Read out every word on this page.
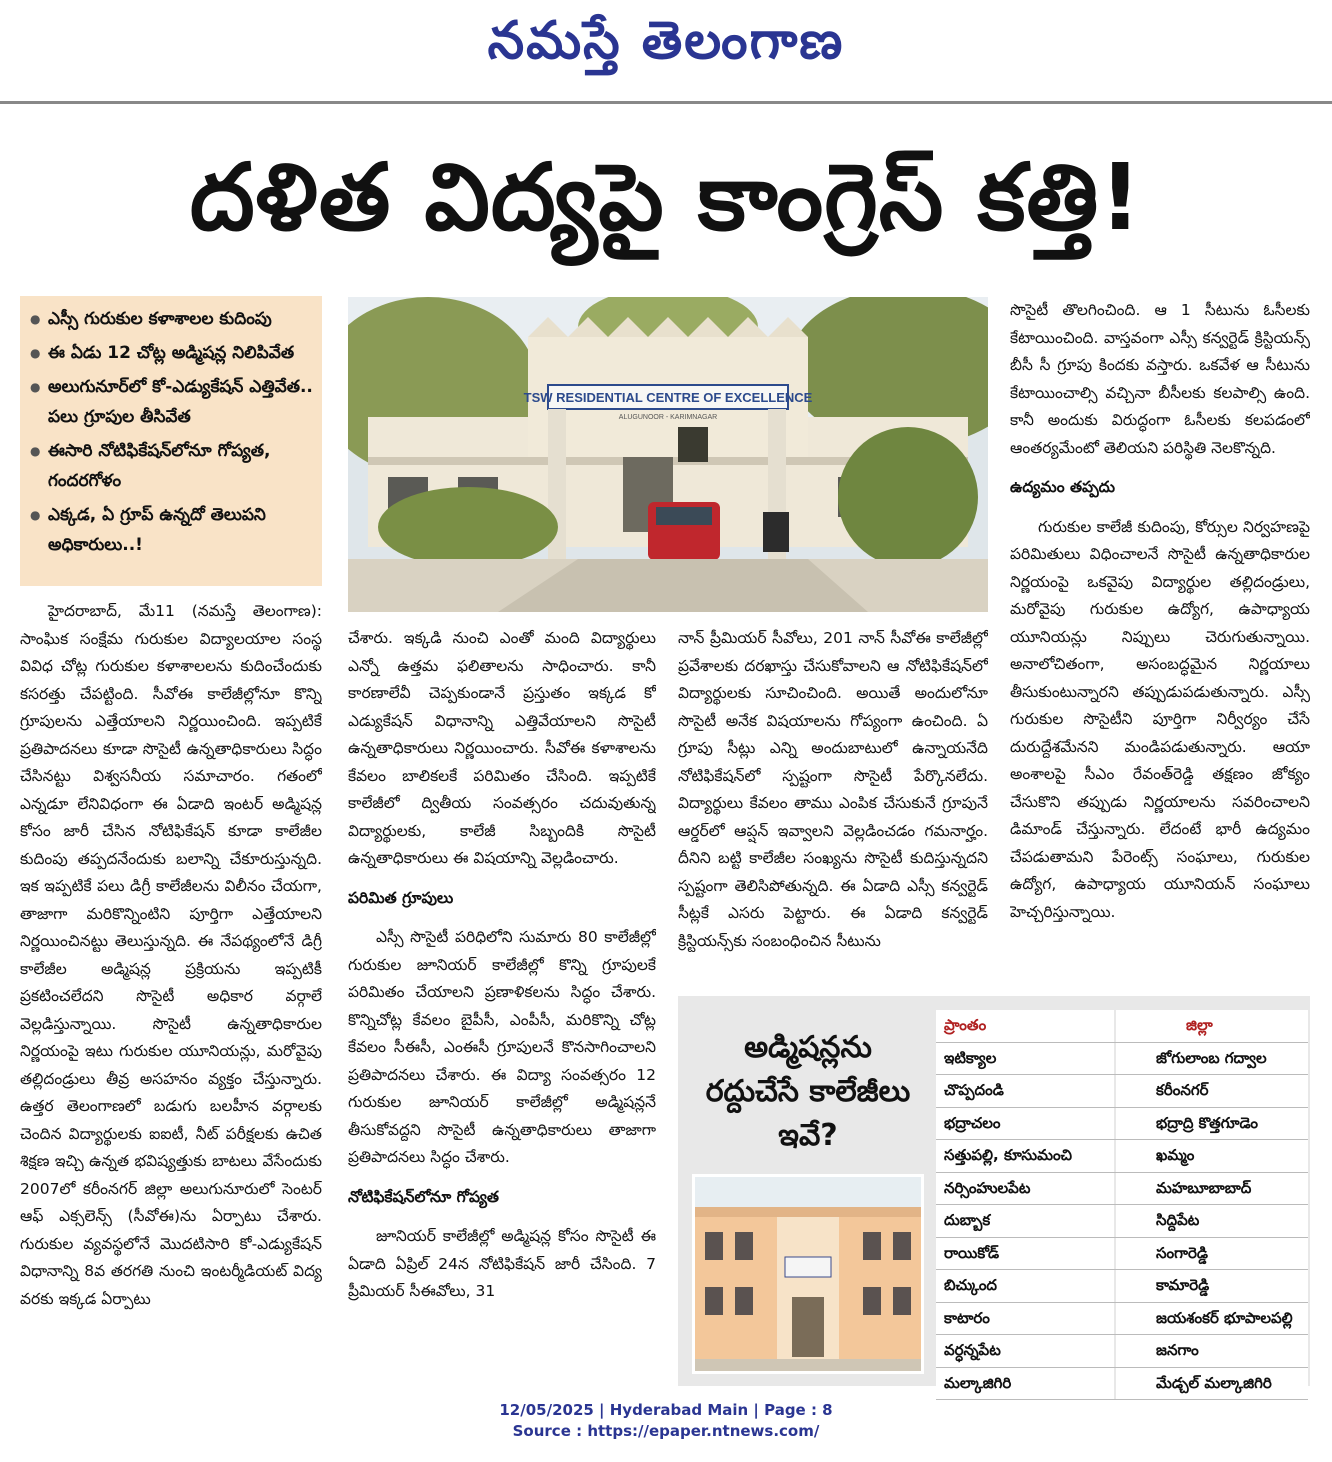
నమస్తే తెలంగాణ
దళిత విద్యపై కాంగ్రెస్ కత్తి!
● ఎస్సీ గురుకుల కళాశాలల కుదింపు
● ఈ ఏడు 12 చోట్ల అడ్మిషన్ల నిలిపివేత
● అలుగునూర్‌లో కో-ఎడ్యుకేషన్ ఎత్తివేత.. పలు గ్రూపుల తీసివేత
● ఈసారి నోటిఫికేషన్‌లోనూ గోప్యత, గందరగోళం
● ఎక్కడ, ఏ గ్రూప్ ఉన్నదో తెలుపని అధికారులు..!
TSW RESIDENTIAL CENTRE OF EXCELLENCE
ALUGUNOOR - KARIMNAGAR

హైదరాబాద్, మే11 (నమస్తే తెలంగాణ): సాంఘిక సంక్షేమ గురుకుల విద్యాలయాల సంస్థ వివిధ చోట్ల గురుకుల కళాశాలలను కుదించేందుకు కసరత్తు చేపట్టింది. సీవోఈ కాలేజీల్లోనూ కొన్ని గ్రూపులను ఎత్తేయాలని నిర్ణయించింది. ఇప్పటికే ప్రతిపాదనలు కూడా సొసైటీ ఉన్నతాధికారులు సిద్ధం చేసినట్టు విశ్వసనీయ సమాచారం. గతంలో ఎన్నడూ లేనివిధంగా ఈ ఏడాది ఇంటర్ అడ్మిషన్ల కోసం జారీ చేసిన నోటిఫికేషన్ కూడా కాలేజీల కుదింపు తప్పదనేందుకు బలాన్ని చేకూరుస్తున్నది. ఇక ఇప్పటికే పలు డిగ్రీ కాలేజీలను విలీనం చేయగా, తాజాగా మరికొన్నింటిని పూర్తిగా ఎత్తేయాలని నిర్ణయించినట్టు తెలుస్తున్నది. ఈ నేపథ్యంలోనే డిగ్రీ కాలేజీల అడ్మిషన్ల ప్రక్రియను ఇప్పటికీ ప్రకటించలేదని సొసైటీ అధికార వర్గాలే వెల్లడిస్తున్నాయి. సొసైటీ ఉన్నతాధికారుల నిర్ణయంపై ఇటు గురుకుల యూనియన్లు, మరోవైపు తల్లిదండ్రులు తీవ్ర అసహనం వ్యక్తం చేస్తున్నారు. ఉత్తర తెలంగాణలో బడుగు బలహీన వర్గాలకు చెందిన విద్యార్థులకు ఐఐటీ, నీట్ పరీక్షలకు ఉచిత శిక్షణ ఇచ్చి ఉన్నత భవిష్యత్తుకు బాటలు వేసేందుకు 2007లో కరీంనగర్ జిల్లా అలుగునూరులో సెంటర్ ఆఫ్ ఎక్సలెన్స్ (సీవోఈ)ను ఏర్పాటు చేశారు. గురుకుల వ్యవస్థలోనే మొదటిసారి కో-ఎడ్యుకేషన్ విధానాన్ని 8వ తరగతి నుంచి ఇంటర్మీడియట్ విద్య వరకు ఇక్కడ ఏర్పాటు

చేశారు. ఇక్కడి నుంచి ఎంతో మంది విద్యార్థులు ఎన్నో ఉత్తమ ఫలితాలను సాధించారు. కానీ కారణాలేవీ చెప్పకుండానే ప్రస్తుతం ఇక్కడ కో ఎడ్యుకేషన్ విధానాన్ని ఎత్తివేయాలని సొసైటీ ఉన్నతాధికారులు నిర్ణయించారు. సీవోఈ కళాశాలను కేవలం బాలికలకే పరిమితం చేసింది. ఇప్పటికే కాలేజీలో ద్వితీయ సంవత్సరం చదువుతున్న విద్యార్థులకు, కాలేజీ సిబ్బందికి సొసైటీ ఉన్నతాధికారులు ఈ విషయాన్ని వెల్లడించారు.

పరిమిత గ్రూపులు

ఎస్సీ సొసైటీ పరిధిలోని సుమారు 80 కాలేజీల్లో గురుకుల జూనియర్ కాలేజీల్లో కొన్ని గ్రూపులకే పరిమితం చేయాలని ప్రణాళికలను సిద్ధం చేశారు. కొన్నిచోట్ల కేవలం బైపీసీ, ఎంపీసీ, మరికొన్ని చోట్ల కేవలం సీఈసీ, ఎంఈసీ గ్రూపులనే కొనసాగించాలని ప్రతిపాదనలు చేశారు. ఈ విద్యా సంవత్సరం 12 గురుకుల జూనియర్ కాలేజీల్లో అడ్మిషన్లనే తీసుకోవద్దని సొసైటీ ఉన్నతాధికారులు తాజాగా ప్రతిపాదనలు సిద్ధం చేశారు.

నోటిఫికేషన్‌లోనూ గోప్యత

జూనియర్ కాలేజీల్లో అడ్మిషన్ల కోసం సొసైటీ ఈ ఏడాది ఏప్రిల్ 24న నోటిఫికేషన్ జారీ చేసింది. 7 ప్రీమియర్ సీఈవోలు, 31

నాన్ ప్రీమియర్ సీవోలు, 201 నాన్ సీవోఈ కాలేజీల్లో ప్రవేశాలకు దరఖాస్తు చేసుకోవాలని ఆ నోటిఫికేషన్‌లో విద్యార్థులకు సూచించింది. అయితే అందులోనూ సొసైటీ అనేక విషయాలను గోప్యంగా ఉంచింది. ఏ గ్రూపు సీట్లు ఎన్ని అందుబాటులో ఉన్నాయనేది నోటిఫికేషన్‌లో స్పష్టంగా సొసైటీ పేర్కొనలేదు. విద్యార్థులు కేవలం తాము ఎంపిక చేసుకునే గ్రూపునే ఆర్డర్‌లో ఆప్షన్ ఇవ్వాలని వెల్లడించడం గమనార్హం. దీనిని బట్టి కాలేజీల సంఖ్యను సొసైటీ కుదిస్తున్నదని స్పష్టంగా తెలిసిపోతున్నది. ఈ ఏడాది ఎస్సీ కన్వర్టెడ్ సీట్లకే ఎసరు పెట్టారు. ఈ ఏడాది కన్వర్టెడ్ క్రిస్టియన్స్‌కు సంబంధించిన సీటును

సొసైటీ తొలగించింది. ఆ 1 సీటును ఓసీలకు కేటాయించింది. వాస్తవంగా ఎస్సీ కన్వర్టెడ్ క్రిస్టియన్స్ బీసీ సీ గ్రూపు కిందకు వస్తారు. ఒకవేళ ఆ సీటును కేటాయించాల్సి వచ్చినా బీసీలకు కలపాల్సి ఉంది. కానీ అందుకు విరుద్ధంగా ఓసీలకు కలపడంలో ఆంతర్యమేంటో తెలియని పరిస్థితి నెలకొన్నది.

ఉద్యమం తప్పదు

గురుకుల కాలేజీ కుదింపు, కోర్సుల నిర్వహణపై పరిమితులు విధించాలనే సొసైటీ ఉన్నతాధికారుల నిర్ణయంపై ఒకవైపు విద్యార్థుల తల్లిదండ్రులు, మరోవైపు గురుకుల ఉద్యోగ, ఉపాధ్యాయ యూనియన్లు నిప్పులు చెరుగుతున్నాయి. అనాలోచితంగా, అసంబద్ధమైన నిర్ణయాలు తీసుకుంటున్నారని తప్పుడుపడుతున్నారు. ఎస్సీ గురుకుల సొసైటీని పూర్తిగా నిర్వీర్యం చేసే దురుద్దేశమేనని మండిపడుతున్నారు. ఆయా అంశాలపై సీఎం రేవంత్‌రెడ్డి తక్షణం జోక్యం చేసుకొని తప్పుడు నిర్ణయాలను సవరించాలని డిమాండ్ చేస్తున్నారు. లేదంటే భారీ ఉద్యమం చేపడుతామని పేరెంట్స్ సంఘాలు, గురుకుల ఉద్యోగ, ఉపాధ్యాయ యూనియన్ సంఘాలు హెచ్చరిస్తున్నాయి.

అడ్మిషన్లను రద్దుచేసే కాలేజీలు ఇవే?
ప్రాంతం	జిల్లా
ఇటిక్యాల	జోగులాంబ గద్వాల
చొప్పదండి	కరీంనగర్
భద్రాచలం	భద్రాద్రి కొత్తగూడెం
సత్తుపల్లి, కూసుమంచి	ఖమ్మం
నర్సింహులపేట	మహబూబాబాద్
దుబ్బాక	సిద్దిపేట
రాయికోడ్	సంగారెడ్డి
బిచ్కుంద	కామారెడ్డి
కాటారం	జయశంకర్ భూపాలపల్లి
వర్ధన్నపేట	జనగాం
మల్కాజిగిరి	మేడ్చల్ మల్కాజిగిరి
12/05/2025 | Hyderabad Main | Page : 8
Source : https://epaper.ntnews.com/
